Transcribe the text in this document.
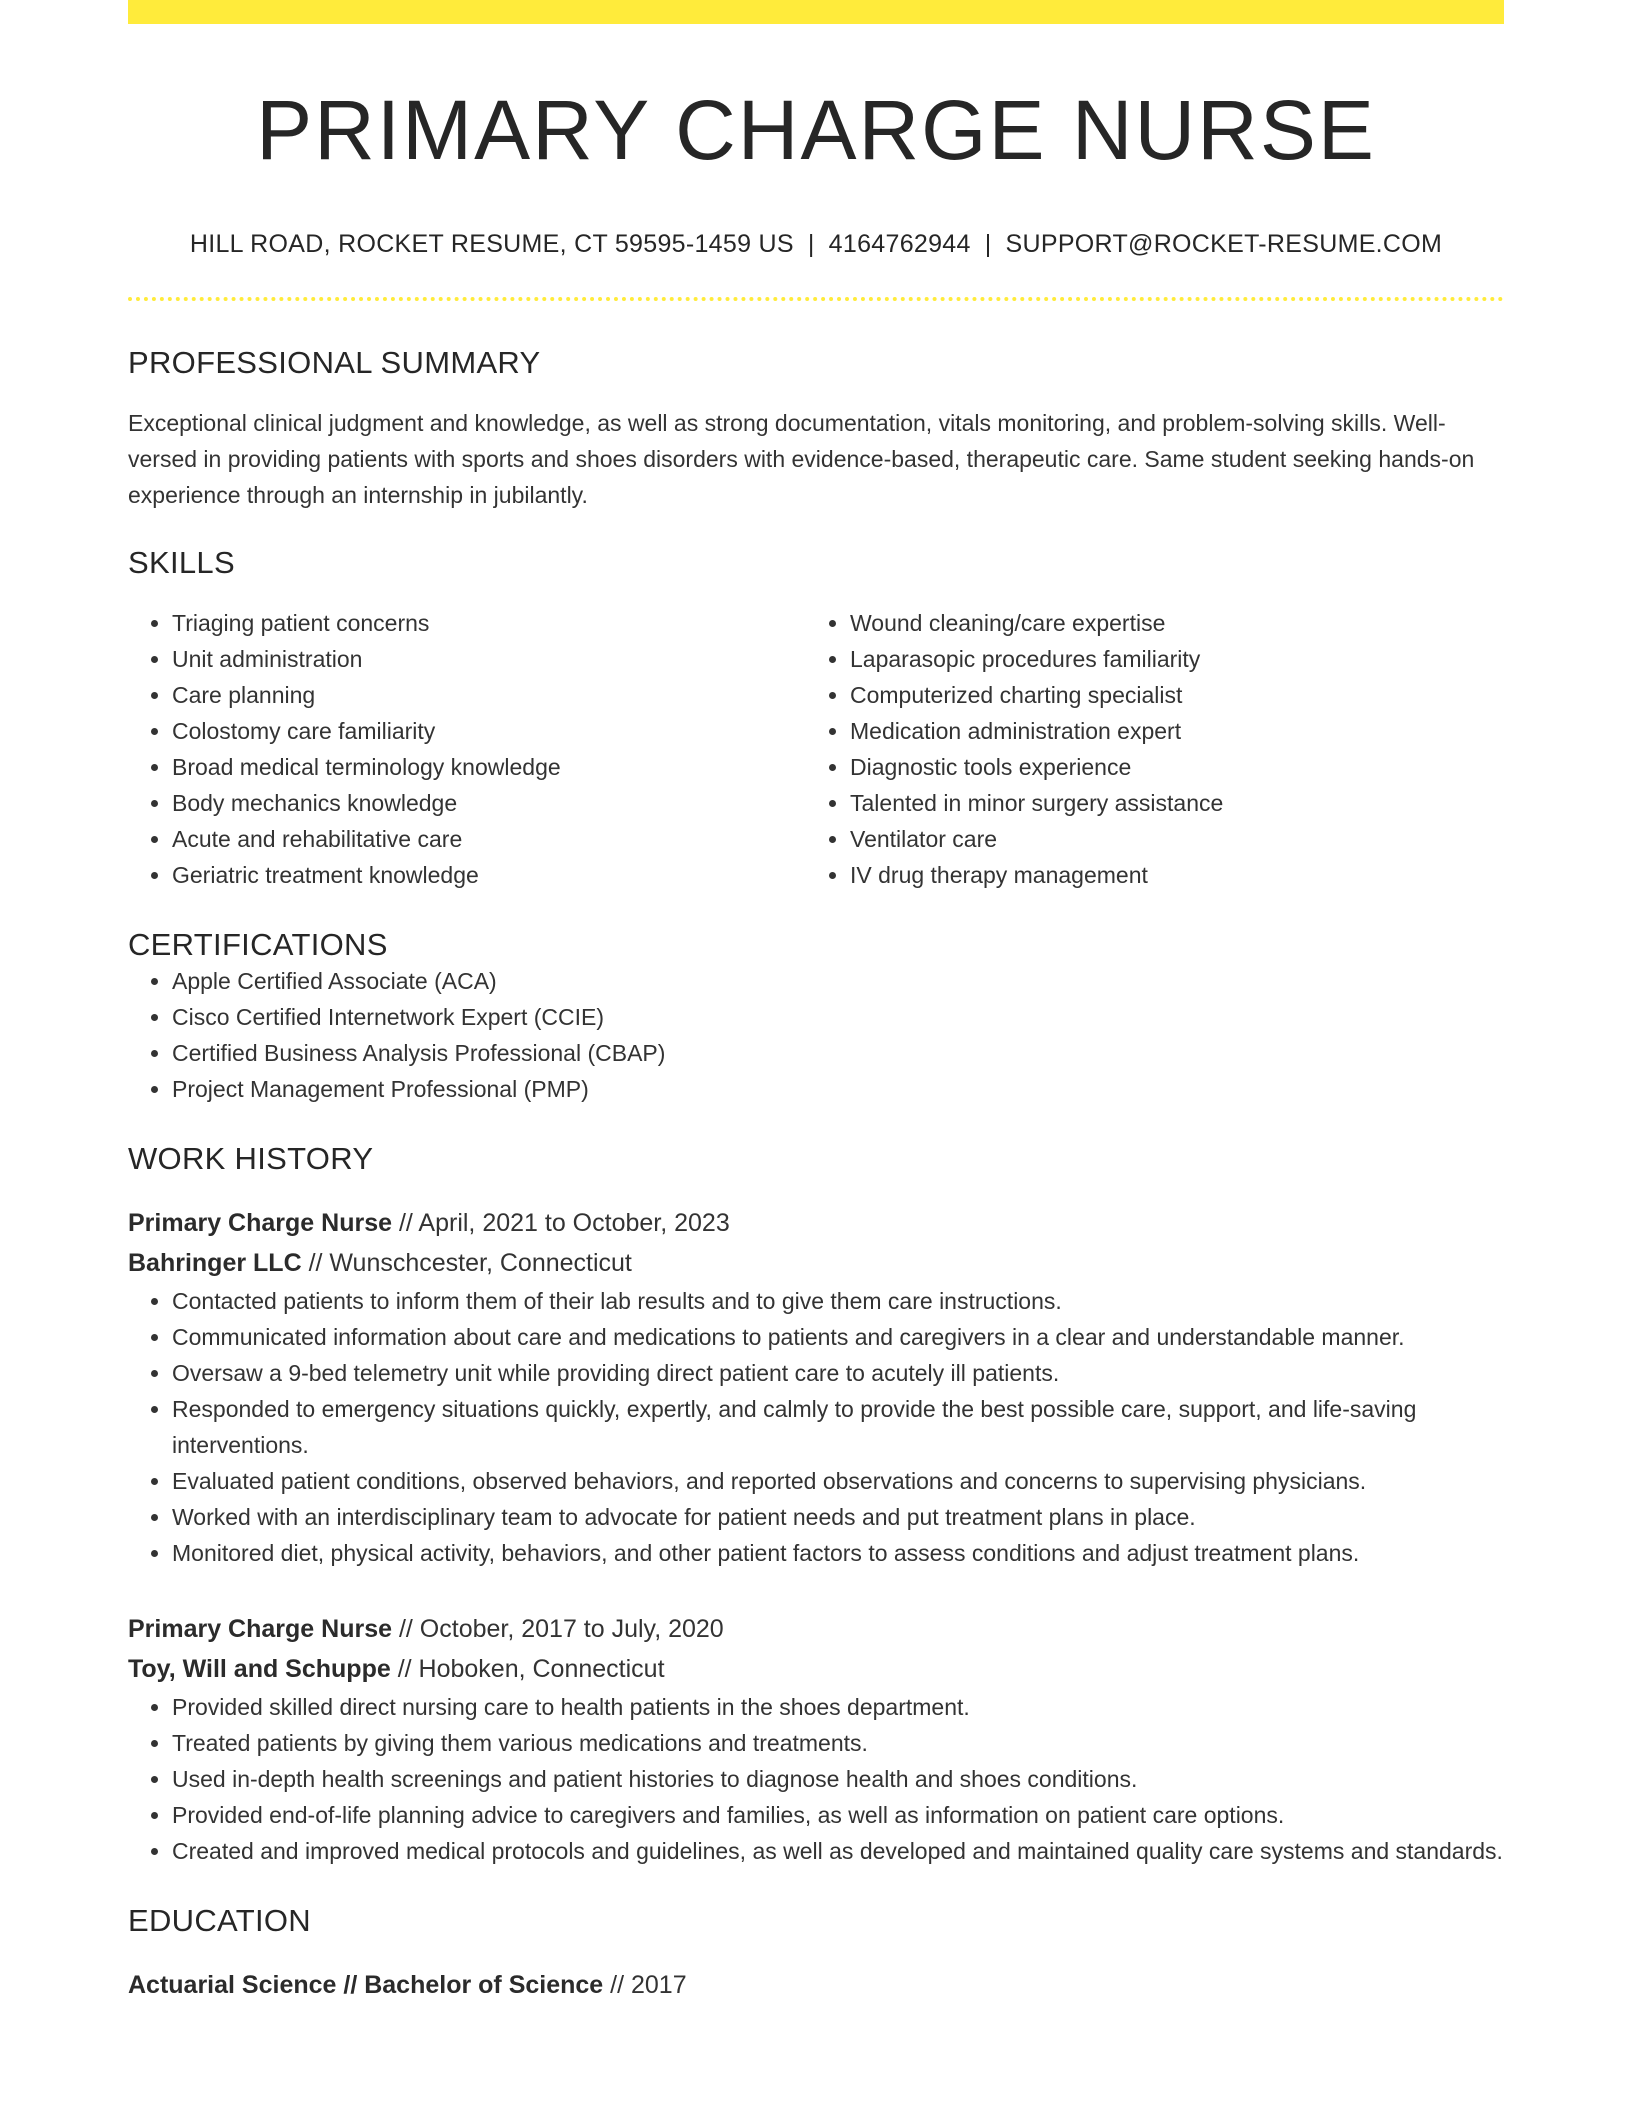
PRIMARY CHARGE NURSE
HILL ROAD, ROCKET RESUME, CT 59595-1459 US | 4164762944 | SUPPORT@ROCKET-RESUME.COM
PROFESSIONAL SUMMARY
Exceptional clinical judgment and knowledge, as well as strong documentation, vitals monitoring, and problem-solving skills. Well-versed in providing patients with sports and shoes disorders with evidence-based, therapeutic care. Same student seeking hands-on experience through an internship in jubilantly.
SKILLS
• Triaging patient concerns
• Unit administration
• Care planning
• Colostomy care familiarity
• Broad medical terminology knowledge
• Body mechanics knowledge
• Acute and rehabilitative care
• Geriatric treatment knowledge
• Wound cleaning/care expertise
• Laparasopic procedures familiarity
• Computerized charting specialist
• Medication administration expert
• Diagnostic tools experience
• Talented in minor surgery assistance
• Ventilator care
• IV drug therapy management
CERTIFICATIONS
• Apple Certified Associate (ACA)
• Cisco Certified Internetwork Expert (CCIE)
• Certified Business Analysis Professional (CBAP)
• Project Management Professional (PMP)
WORK HISTORY
Primary Charge Nurse // April, 2021 to October, 2023
Bahringer LLC // Wunschcester, Connecticut
• Contacted patients to inform them of their lab results and to give them care instructions.
• Communicated information about care and medications to patients and caregivers in a clear and understandable manner.
• Oversaw a 9-bed telemetry unit while providing direct patient care to acutely ill patients.
• Responded to emergency situations quickly, expertly, and calmly to provide the best possible care, support, and life-saving interventions.
• Evaluated patient conditions, observed behaviors, and reported observations and concerns to supervising physicians.
• Worked with an interdisciplinary team to advocate for patient needs and put treatment plans in place.
• Monitored diet, physical activity, behaviors, and other patient factors to assess conditions and adjust treatment plans.
Primary Charge Nurse // October, 2017 to July, 2020
Toy, Will and Schuppe // Hoboken, Connecticut
• Provided skilled direct nursing care to health patients in the shoes department.
• Treated patients by giving them various medications and treatments.
• Used in-depth health screenings and patient histories to diagnose health and shoes conditions.
• Provided end-of-life planning advice to caregivers and families, as well as information on patient care options.
• Created and improved medical protocols and guidelines, as well as developed and maintained quality care systems and standards.
EDUCATION
Actuarial Science // Bachelor of Science // 2017
